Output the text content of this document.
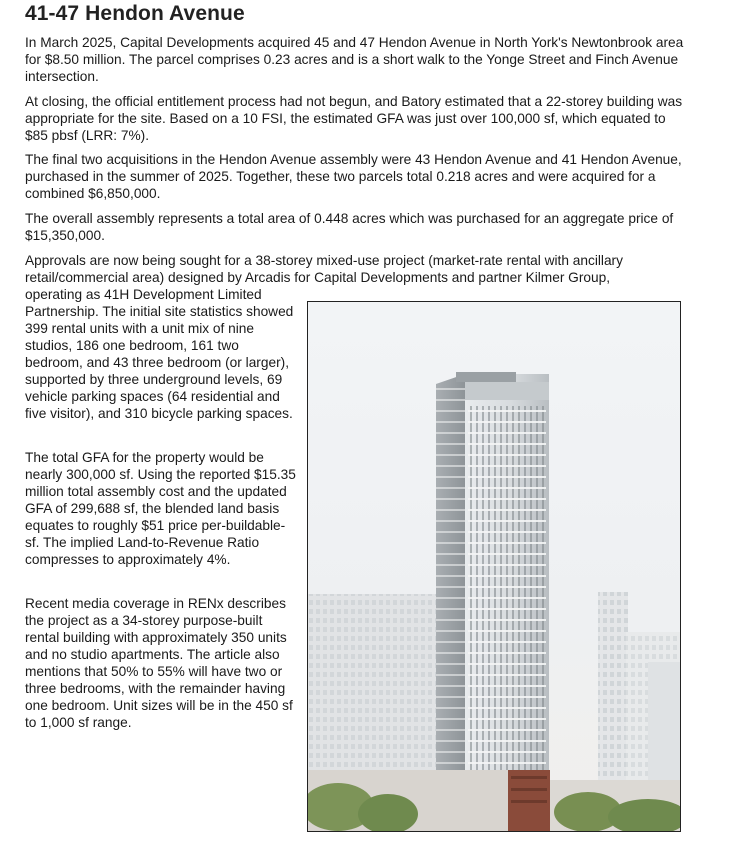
41-47 Hendon Avenue

In March 2025, Capital Developments acquired 45 and 47 Hendon Avenue in North York's Newtonbrook area for $8.50 million. The parcel comprises 0.23 acres and is a short walk to the Yonge Street and Finch Avenue intersection.

At closing, the official entitlement process had not begun, and Batory estimated that a 22-storey building was appropriate for the site. Based on a 10 FSI, the estimated GFA was just over 100,000 sf, which equated to $85 pbsf (LRR: 7%).

The final two acquisitions in the Hendon Avenue assembly were 43 Hendon Avenue and 41 Hendon Avenue, purchased in the summer of 2025. Together, these two parcels total 0.218 acres and were acquired for a combined $6,850,000.

The overall assembly represents a total area of 0.448 acres which was purchased for an aggregate price of $15,350,000.

Approvals are now being sought for a 38-storey mixed-use project (market-rate rental with ancillary retail/commercial area) designed by Arcadis for Capital Developments and partner Kilmer Group,

operating as 41H Development Limited Partnership. The initial site statistics showed 399 rental units with a unit mix of nine studios, 186 one bedroom, 161 two bedroom, and 43 three bedroom (or larger), supported by three underground levels, 69 vehicle parking spaces (64 residential and five visitor), and 310 bicycle parking spaces.

The total GFA for the property would be nearly 300,000 sf. Using the reported $15.35 million total assembly cost and the updated GFA of 299,688 sf, the blended land basis equates to roughly $51 price per-buildable-sf. The implied Land-to-Revenue Ratio compresses to approximately 4%.

Recent media coverage in RENx describes the project as a 34-storey purpose-built rental building with approximately 350 units and no studio apartments. The article also mentions that 50% to 55% will have two or three bedrooms, with the remainder having one bedroom. Unit sizes will be in the 450 sf to 1,000 sf range.
